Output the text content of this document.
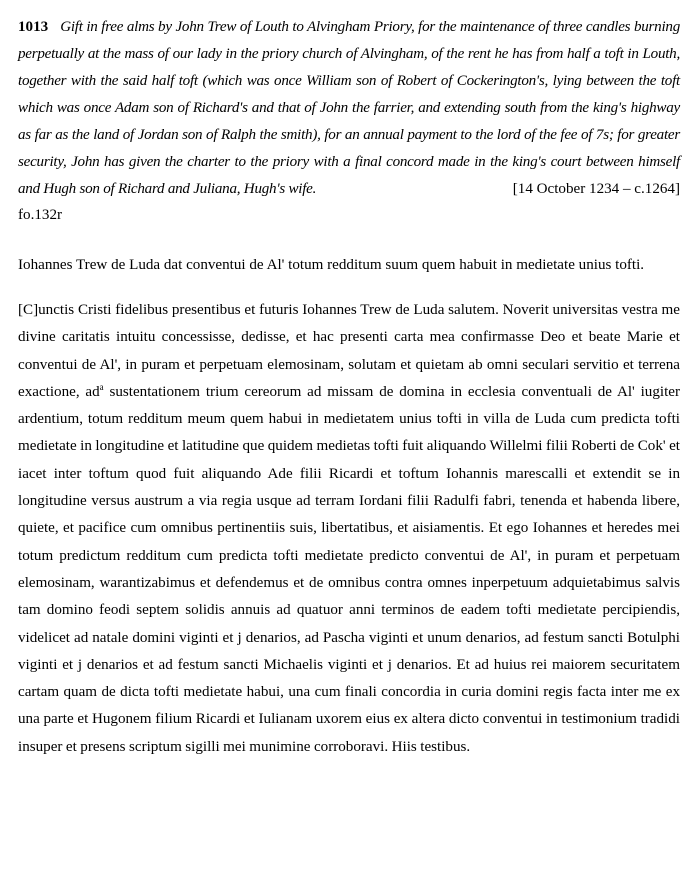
1013 Gift in free alms by John Trew of Louth to Alvingham Priory, for the maintenance of three candles burning perpetually at the mass of our lady in the priory church of Alvingham, of the rent he has from half a toft in Louth, together with the said half toft (which was once William son of Robert of Cockerington's, lying between the toft which was once Adam son of Richard's and that of John the farrier, and extending south from the king's highway as far as the land of Jordan son of Ralph the smith), for an annual payment to the lord of the fee of 7s; for greater security, John has given the charter to the priory with a final concord made in the king's court between himself and Hugh son of Richard and Juliana, Hugh's wife.	[14 October 1234 – c.1264]

fo.132r

Iohannes Trew de Luda dat conventui de Al' totum redditum suum quem habuit in medietate unius tofti.

[C]unctis Cristi fidelibus presentibus et futuris Iohannes Trew de Luda salutem. Noverit universitas vestra me divine caritatis intuitu concessisse, dedisse, et hac presenti carta mea confirmasse Deo et beate Marie et conventui de Al', in puram et perpetuam elemosinam, solutam et quietam ab omni seculari servitio et terrena exactione, $ad^a$ sustentationem trium cereorum ad missam de domina in ecclesia conventuali de Al' iugiter ardentium, totum redditum meum quem habui in medietatem unius tofti in villa de Luda cum predicta tofti medietate in longitudine et latitudine que quidem medietas tofti fuit aliquando Willelmi filii Roberti de Cok' et iacet inter toftum quod fuit aliquando Ade filii Ricardi et toftum Iohannis marescalli et extendit se in longitudine versus austrum a via regia usque ad terram Iordani filii Radulfi fabri, tenenda et habenda libere, quiete, et pacifice cum omnibus pertinentiis suis, libertatibus, et aisiamentis. Et ego Iohannes et heredes mei totum predictum redditum cum predicta tofti medietate predicto conventui de Al', in puram et perpetuam elemosinam, warantizabimus et defendemus et de omnibus contra omnes inperpetuum adquietabimus salvis tam domino feodi septem solidis annuis ad quatuor anni terminos de eadem tofti medietate percipiendis, videlicet ad natale domini viginti et j denarios, ad Pascha viginti et unum denarios, ad festum sancti Botulphi viginti et j denarios et ad festum sancti Michaelis viginti et j denarios. Et ad huius rei maiorem securitatem cartam quam de dicta tofti medietate habui, una cum finali concordia in curia domini regis facta inter me ex una parte et Hugonem filium Ricardi et Iulianam uxorem eius ex altera dicto conventui in testimonium tradidi insuper et presens scriptum sigilli mei munimine corroboravi. Hiis testibus.
